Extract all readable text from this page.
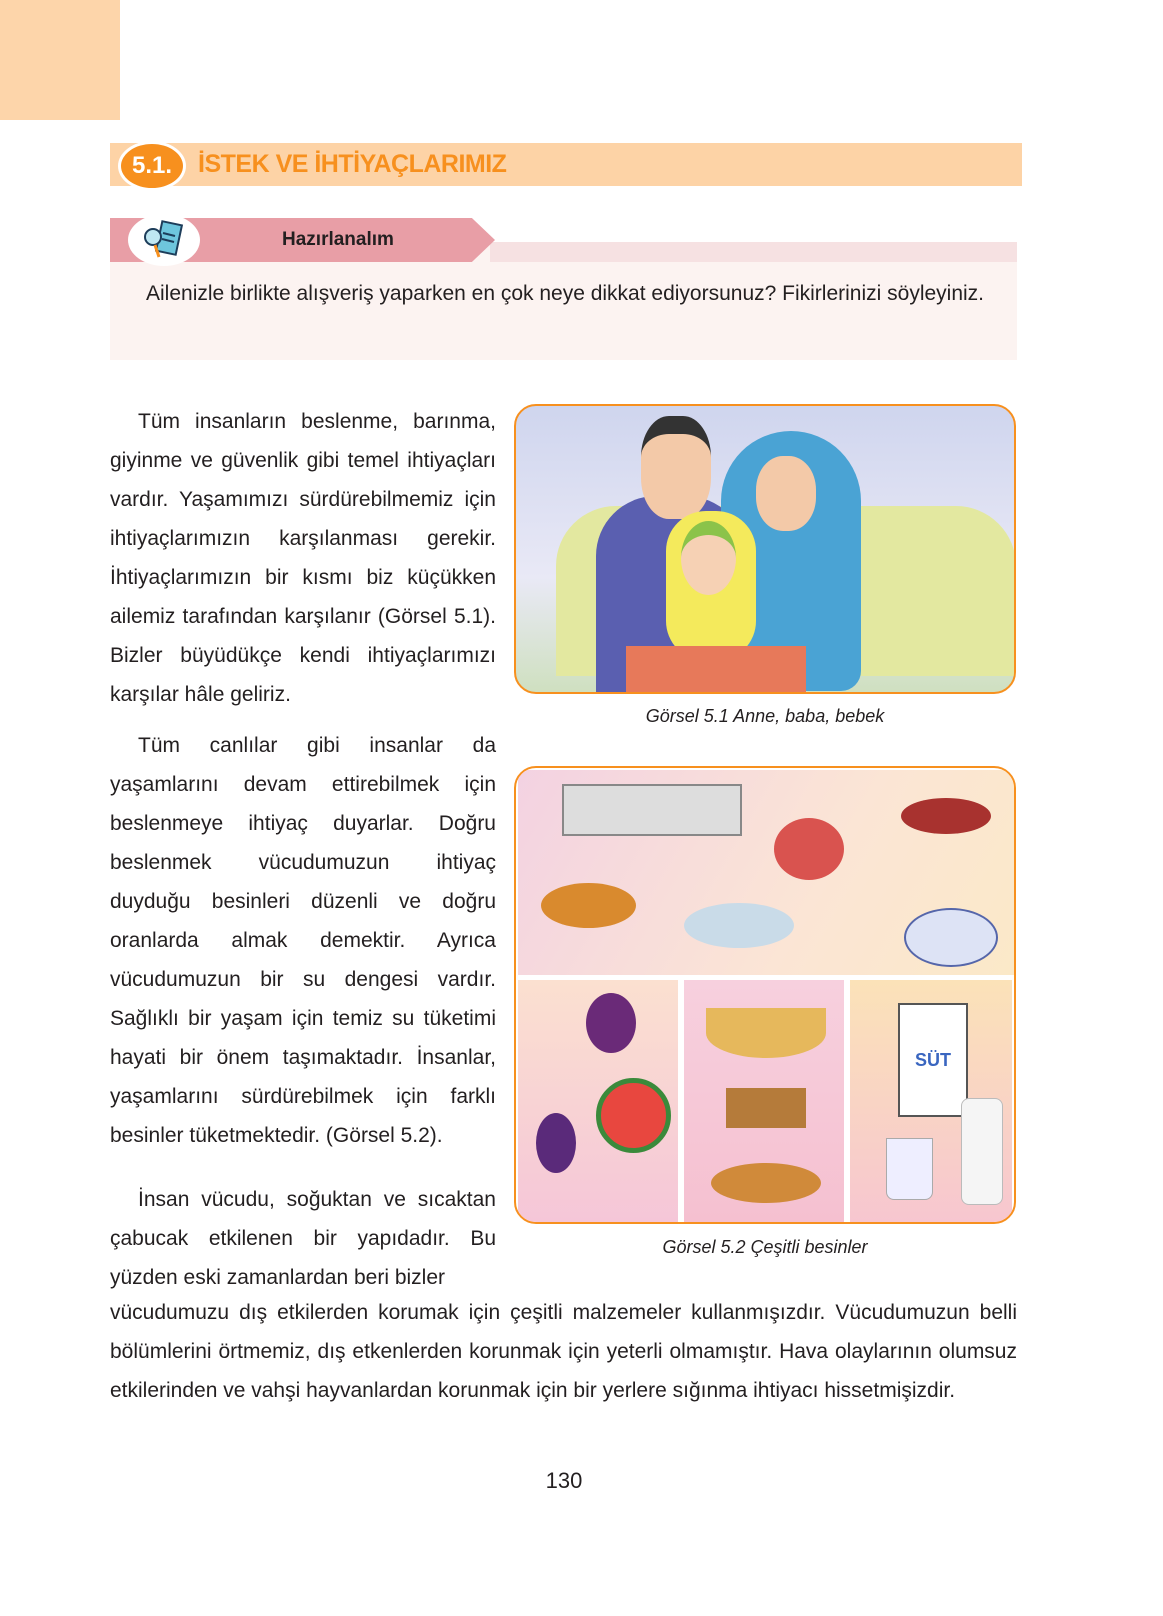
5.1.	İSTEK VE İHTİYAÇLARIMIZ
Hazırlanalım
Ailenizle birlikte alışveriş yaparken en çok neye dikkat ediyorsunuz? Fikirlerinizi söyleyiniz.

Tüm insanların beslenme, barınma, giyinme ve güvenlik gibi temel ihtiyaçları vardır. Yaşamımızı sürdürebilmemiz için ihtiyaçlarımızın karşılanması gerekir. İhtiyaçlarımızın bir kısmı biz küçükken ailemiz tarafından karşılanır (Görsel 5.1). Bizler büyüdükçe kendi ihtiyaçlarımızı karşılar hâle geliriz.

Tüm canlılar gibi insanlar da yaşamlarını devam ettirebilmek için beslenmeye ihtiyaç duyarlar. Doğru beslenmek vücudumuzun ihtiyaç duyduğu besinleri düzenli ve doğru oranlarda almak demektir. Ayrıca vücudumuzun bir su dengesi vardır. Sağlıklı bir yaşam için temiz su tüketimi hayati bir önem taşımaktadır. İnsanlar, yaşamlarını sürdürebilmek için farklı besinler tüketmektedir. (Görsel 5.2).

İnsan vücudu, soğuktan ve sıcaktan çabucak etkilenen bir yapıdadır. Bu yüzden eski zamanlardan beri bizler

vücudumuzu dış etkilerden korumak için çeşitli malzemeler kullanmışızdır. Vücudumuzun belli bölümlerini örtmemiz, dış etkenlerden korunmak için yeterli olmamıştır. Hava olaylarının olumsuz etkilerinden ve vahşi hayvanlardan korunmak için bir yerlere sığınma ihtiyacı hissetmişizdir.
Görsel 5.1 Anne, baba, bebek
SÜT
Görsel 5.2 Çeşitli besinler
130
